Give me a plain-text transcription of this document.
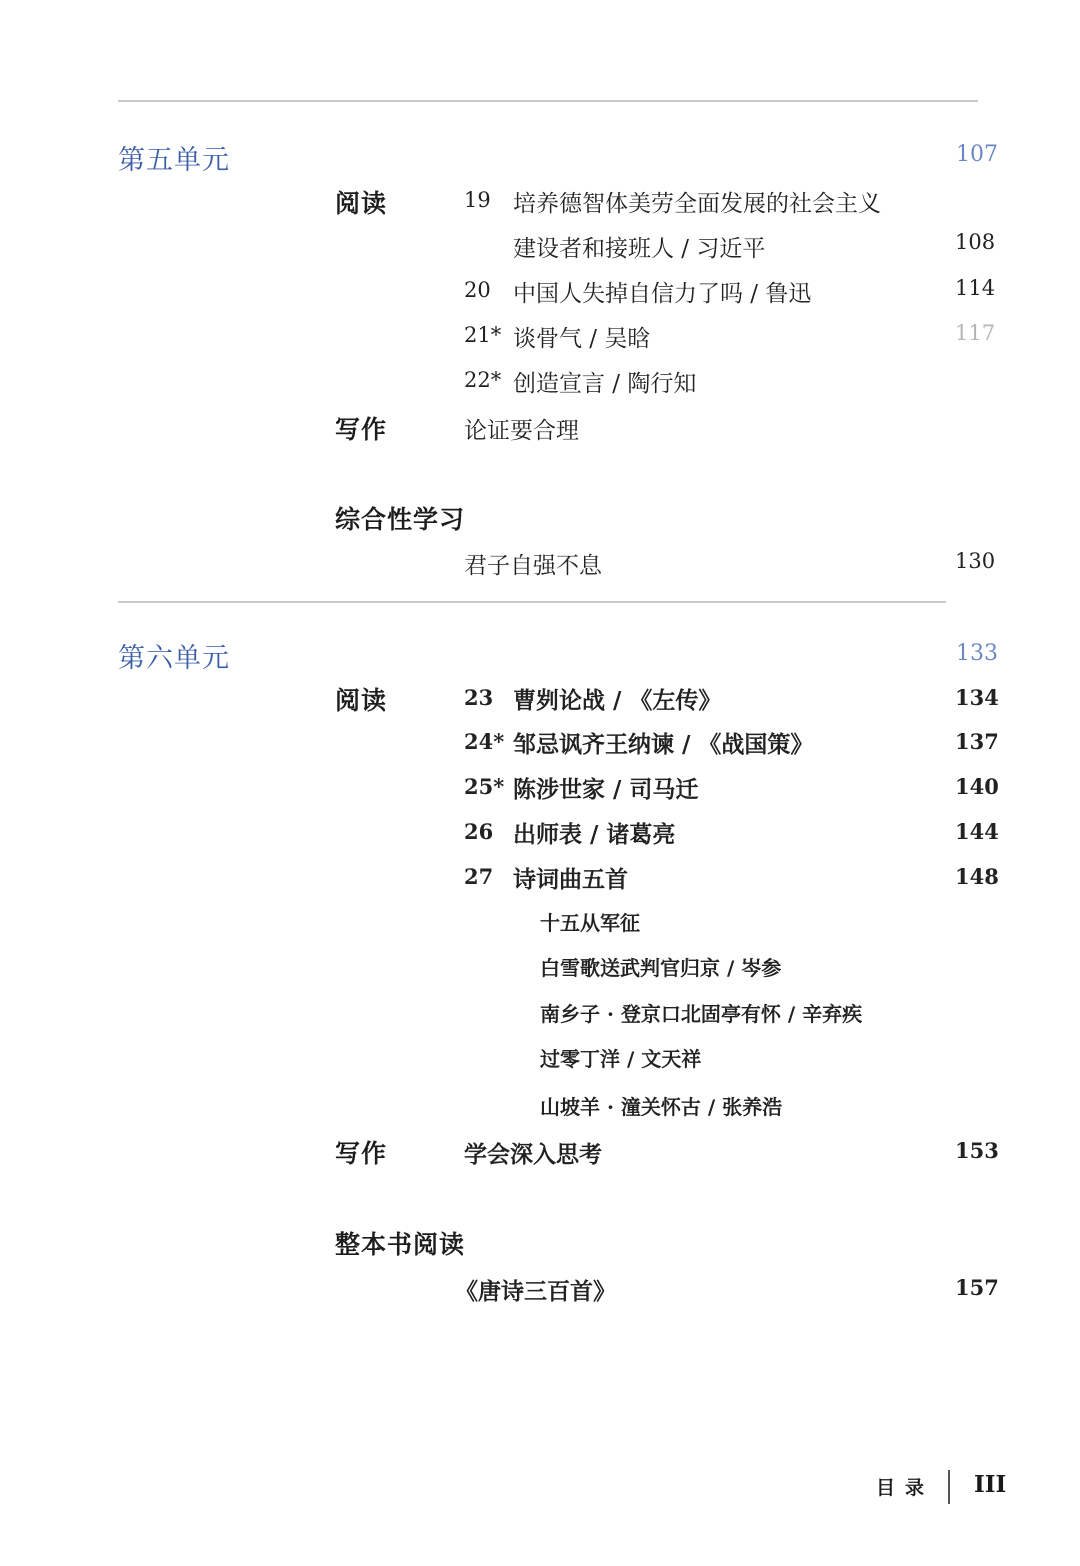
第五单元	107
阅读	19 培养德智体美劳全面发展的社会主义
建设者和接班人 / 习近平	108
20 中国人失掉自信力了吗 / 鲁迅	114
21* 谈骨气 / 吴晗	117
22* 创造宣言 / 陶行知
写作	论证要合理
综合性学习
君子自强不息	130
第六单元	133
阅读	23 曹刿论战 / 《左传》	134
24* 邹忌讽齐王纳谏 / 《战国策》	137
25* 陈涉世家 / 司马迁	140
26 出师表 / 诸葛亮	144
27 诗词曲五首	148
十五从军征
白雪歌送武判官归京 / 岑参
南乡子 · 登京口北固亭有怀 / 辛弃疾
过零丁洋 / 文天祥
山坡羊 · 潼关怀古 / 张养浩
写作	学会深入思考	153
整本书阅读
《唐诗三百首》	157
目录 III
